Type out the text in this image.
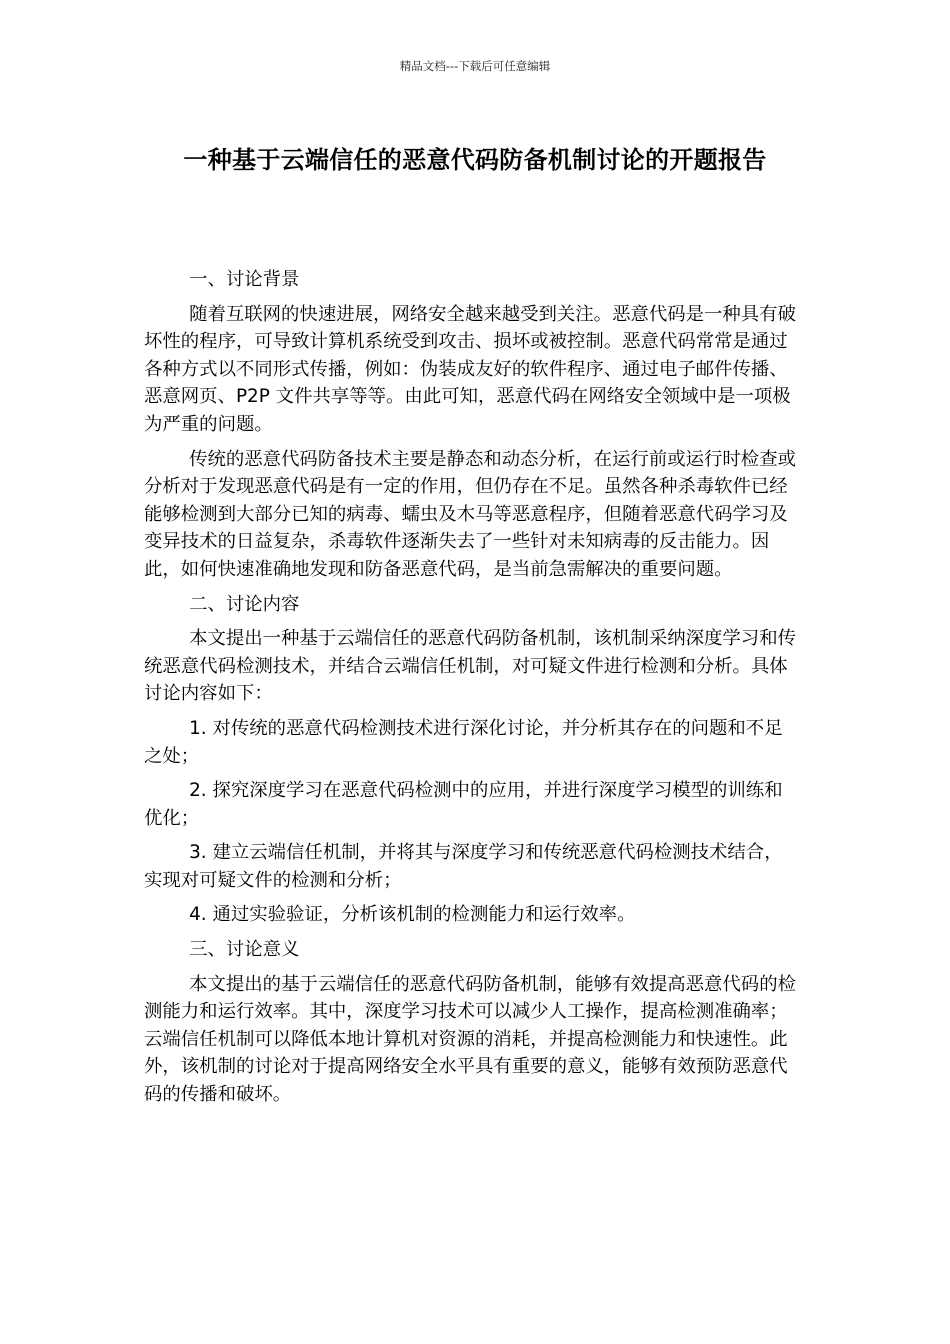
精品文档---下载后可任意编辑
一种基于云端信任的恶意代码防备机制讨论的开题报告

一、讨论背景

随着互联网的快速进展，网络安全越来越受到关注。恶意代码是一种具有破坏性的程序，可导致计算机系统受到攻击、损坏或被控制。恶意代码常常是通过各种方式以不同形式传播，例如：伪装成友好的软件程序、通过电子邮件传播、恶意网页、P2P 文件共享等等。由此可知，恶意代码在网络安全领域中是一项极为严重的问题。

传统的恶意代码防备技术主要是静态和动态分析，在运行前或运行时检查或分析对于发现恶意代码是有一定的作用，但仍存在不足。虽然各种杀毒软件已经能够检测到大部分已知的病毒、蠕虫及木马等恶意程序，但随着恶意代码学习及变异技术的日益复杂，杀毒软件逐渐失去了一些针对未知病毒的反击能力。因此，如何快速准确地发现和防备恶意代码，是当前急需解决的重要问题。

二、讨论内容

本文提出一种基于云端信任的恶意代码防备机制，该机制采纳深度学习和传统恶意代码检测技术，并结合云端信任机制，对可疑文件进行检测和分析。具体讨论内容如下：

1. 对传统的恶意代码检测技术进行深化讨论，并分析其存在的问题和不足之处；

2. 探究深度学习在恶意代码检测中的应用，并进行深度学习模型的训练和优化；

3. 建立云端信任机制，并将其与深度学习和传统恶意代码检测技术结合，实现对可疑文件的检测和分析；

4. 通过实验验证，分析该机制的检测能力和运行效率。

三、讨论意义

本文提出的基于云端信任的恶意代码防备机制，能够有效提高恶意代码的检测能力和运行效率。其中，深度学习技术可以减少人工操作，提高检测准确率；云端信任机制可以降低本地计算机对资源的消耗，并提高检测能力和快速性。此外，该机制的讨论对于提高网络安全水平具有重要的意义，能够有效预防恶意代码的传播和破坏。
